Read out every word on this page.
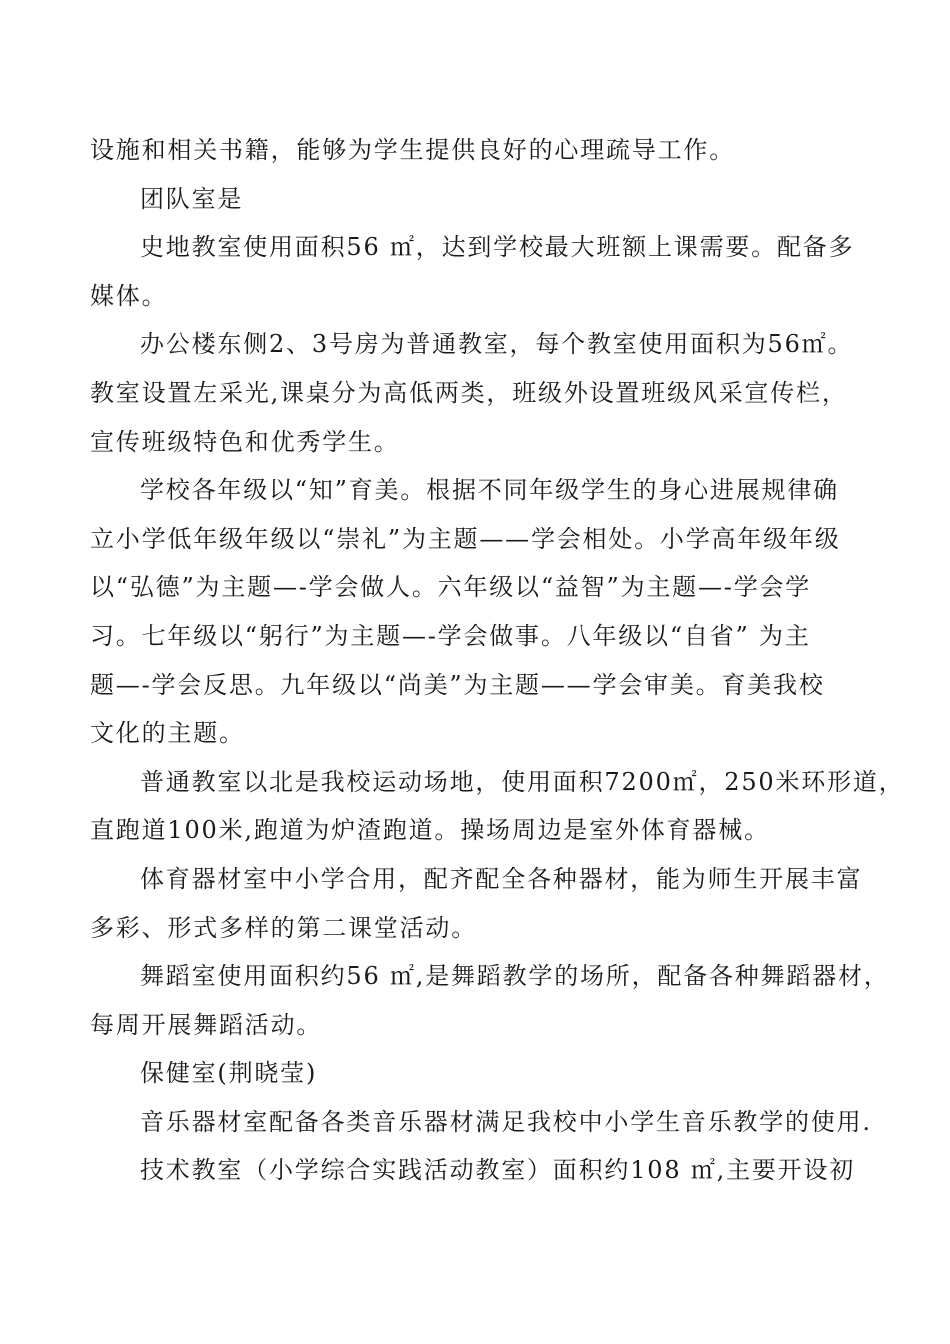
设施和相关书籍，能够为学生提供良好的心理疏导工作。
团队室是
史地教室使用面积56 ㎡，达到学校最大班额上课需要。配备多
媒体。
办公楼东侧2、3号房为普通教室，每个教室使用面积为56㎡。
教室设置左采光,课桌分为高低两类，班级外设置班级风采宣传栏，
宣传班级特色和优秀学生。
学校各年级以“知”育美。根据不同年级学生的身心进展规律确
立小学低年级年级以“崇礼”为主题——学会相处。小学高年级年级
以“弘德”为主题—-学会做人。六年级以“益智”为主题—-学会学
习。七年级以“躬行”为主题—-学会做事。八年级以“自省” 为主
题—-学会反思。九年级以“尚美”为主题——学会审美。育美我校
文化的主题。
普通教室以北是我校运动场地，使用面积7200㎡，250米环形道，
直跑道100米,跑道为炉渣跑道。操场周边是室外体育器械。
体育器材室中小学合用，配齐配全各种器材，能为师生开展丰富
多彩、形式多样的第二课堂活动。
舞蹈室使用面积约56 ㎡,是舞蹈教学的场所，配备各种舞蹈器材，
每周开展舞蹈活动。
保健室(荆晓莹)
音乐器材室配备各类音乐器材满足我校中小学生音乐教学的使用.
技术教室（小学综合实践活动教室）面积约108 ㎡,主要开设初
